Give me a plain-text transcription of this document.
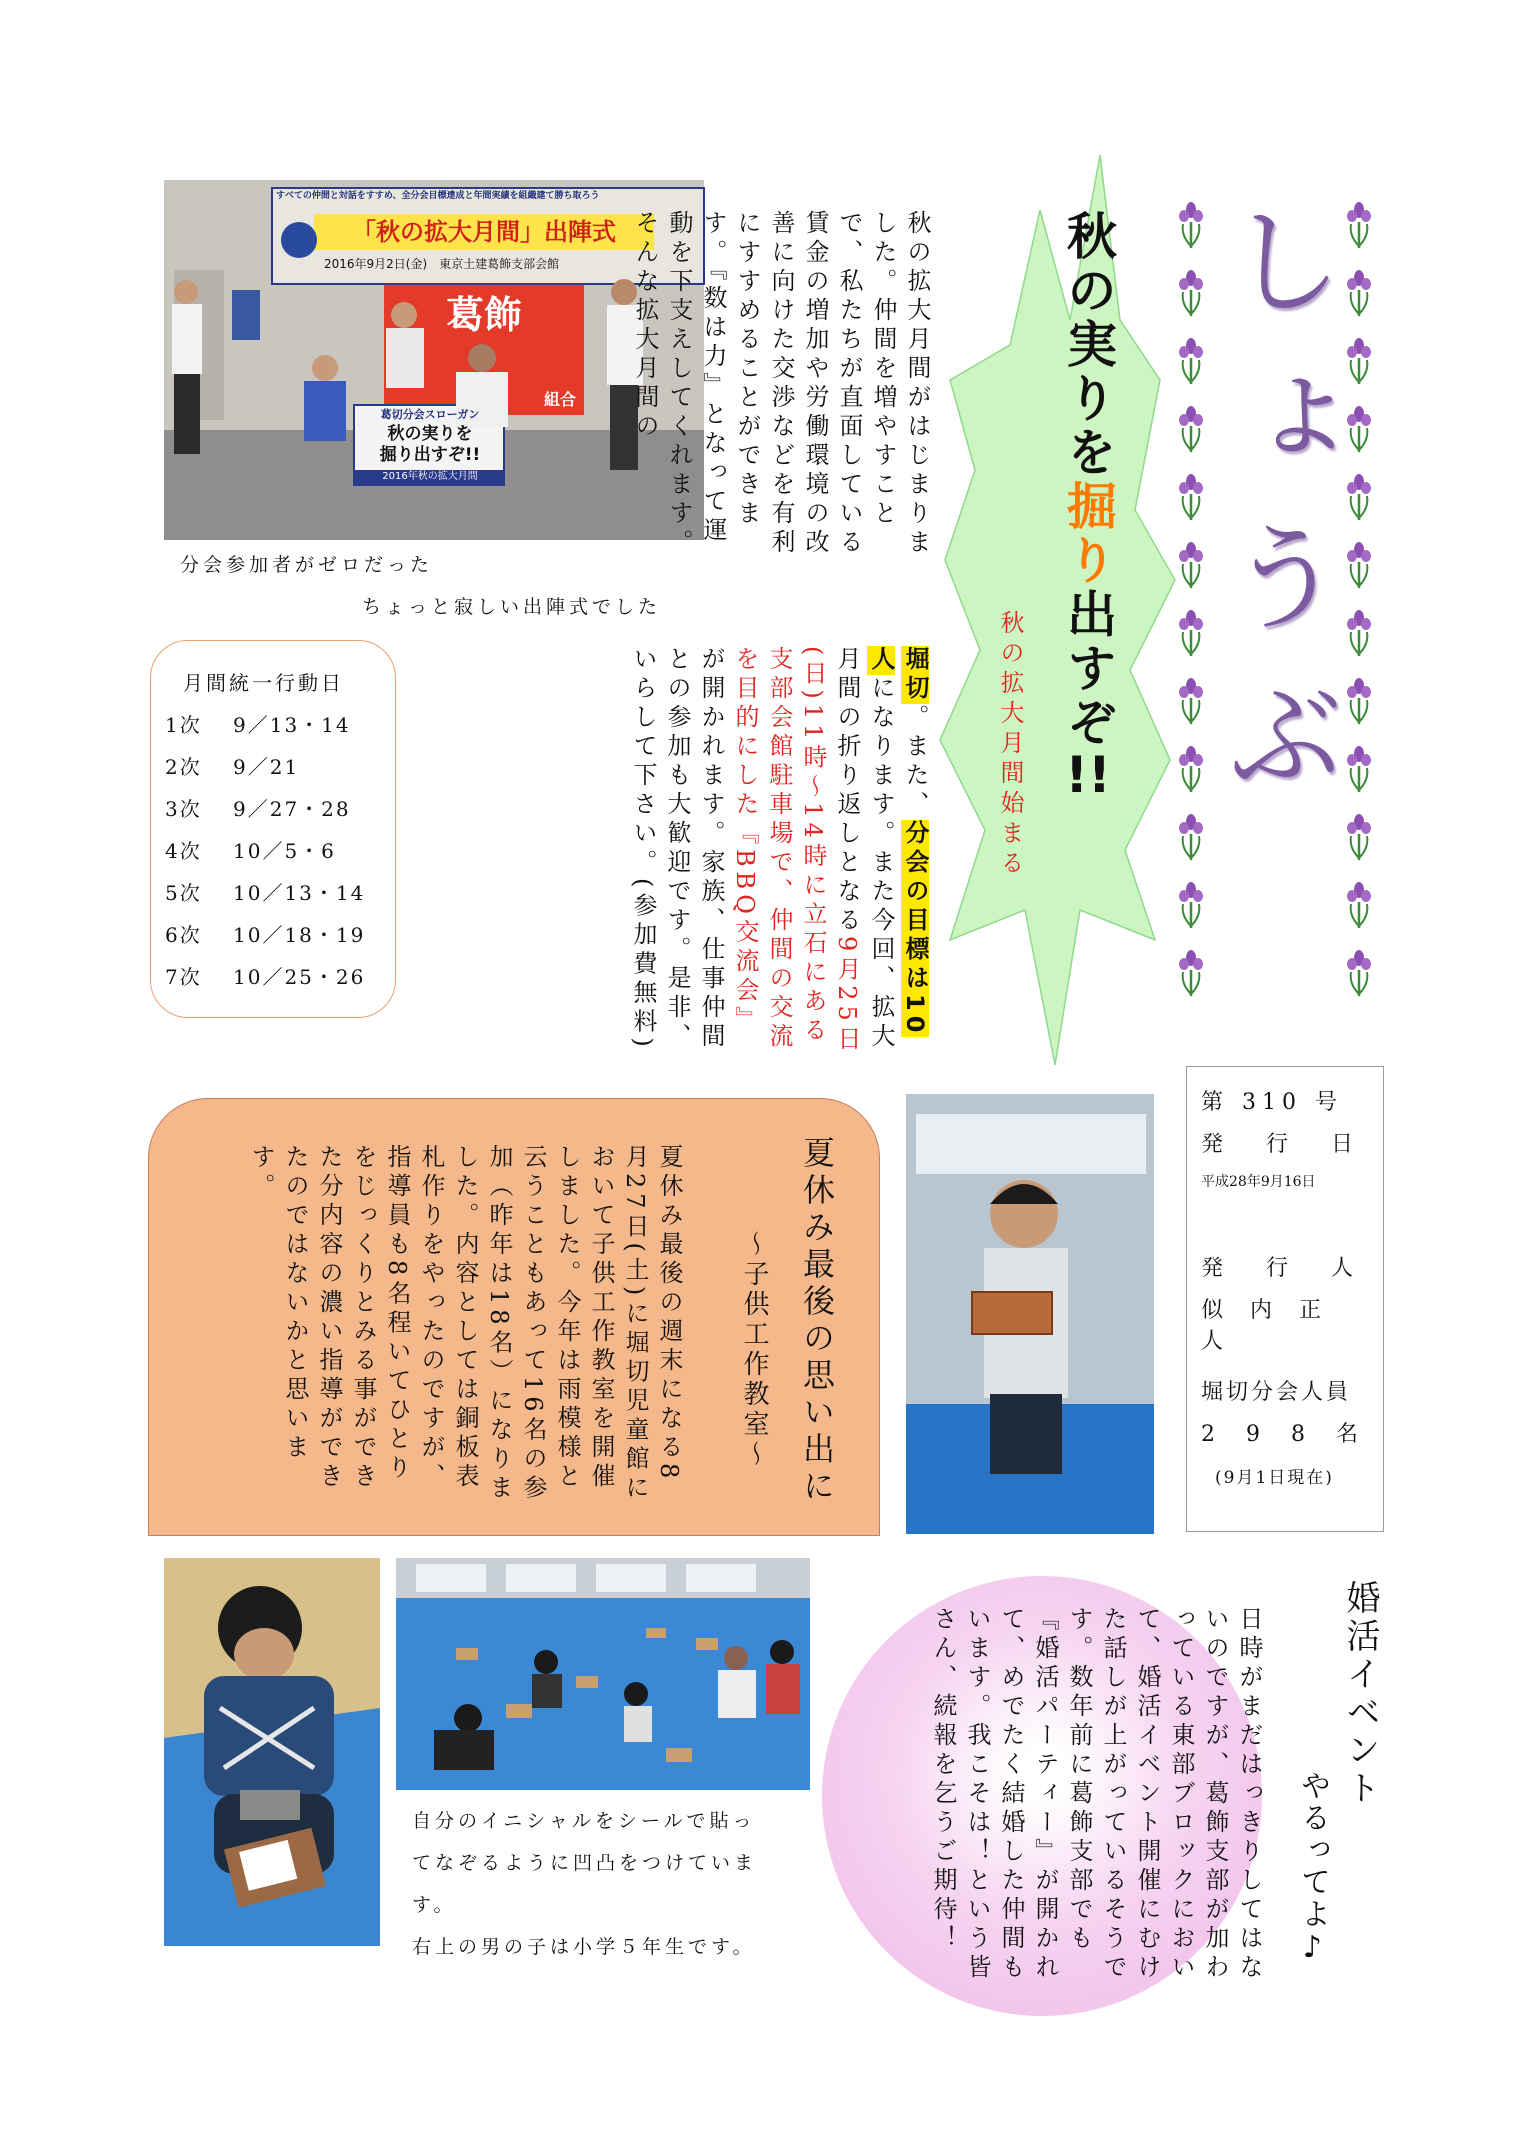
しょうぶ
秋の実りを掘り出すぞ!!
秋の拡大月間始まる
すべての仲間と対話をすすめ、全分会目標達成と年間実績を組織建て勝ち取ろう
「秋の拡大月間」出陣式
2016年9月2日(金)　東京土建葛飾支部会館
葛飾
組合
葛切分会スローガン
秋の実りを
掘り出すぞ!!
2016年秋の拡大月間
分会参加者がゼロだった
ちょっと寂しい出陣式でした
秋の拡大月間がはじまりました。仲間を増やすことで、私たちが直面している賃金の増加や労働環境の改善に向けた交渉などを有利にすすめることができます。『数は力』となって運動を下支えしてくれます。そんな拡大月間の
堀切。また、分会の目標は10人になります。また今回、拡大月間の折り返しとなる9月25日(日)11時～14時に立石にある支部会館駐車場で、仲間の交流を目的にした『BBQ交流会』が開かれます。家族、仕事仲間との参加も大歓迎です。是非、いらして下さい。(参加費無料)
月間統一行動日
1次 9／13・14
2次 9／21
3次 9／27・28
4次 10／5・6
5次 10／13・14
6次 10／18・19
7次 10／25・26
第 310 号
発 行 日
平成28年9月16日
発 行 人
似 内 正 人
堀切分会人員
2 9 8 名
(9月1日現在)
夏休み最後の思い出に
～子供工作教室～
夏休み最後の週末になる8月27日(土)に堀切児童館において子供工作教室を開催しました。今年は雨模様と云うこともあって16名の参加（昨年は18名）になりました。内容としては銅板表札作りをやったのですが、指導員も8名程いてひとりをじっくりとみる事ができた分内容の濃い指導ができたのではないかと思います。
自分のイニシャルをシールで貼っ
てなぞるように凹凸をつけていま
す。
右上の男の子は小学５年生です。
婚活イベント
やるってよ♪
日時がまだはっきりしてはないのですが、葛飾支部が加わっている東部ブロックにおいて、婚活イベント開催にむけた話しが上がっているそうです。数年前に葛飾支部でも『婚活パーティー』が開かれて、めでたく結婚した仲間もいます。我こそは！という皆さん、続報を乞うご期待！
